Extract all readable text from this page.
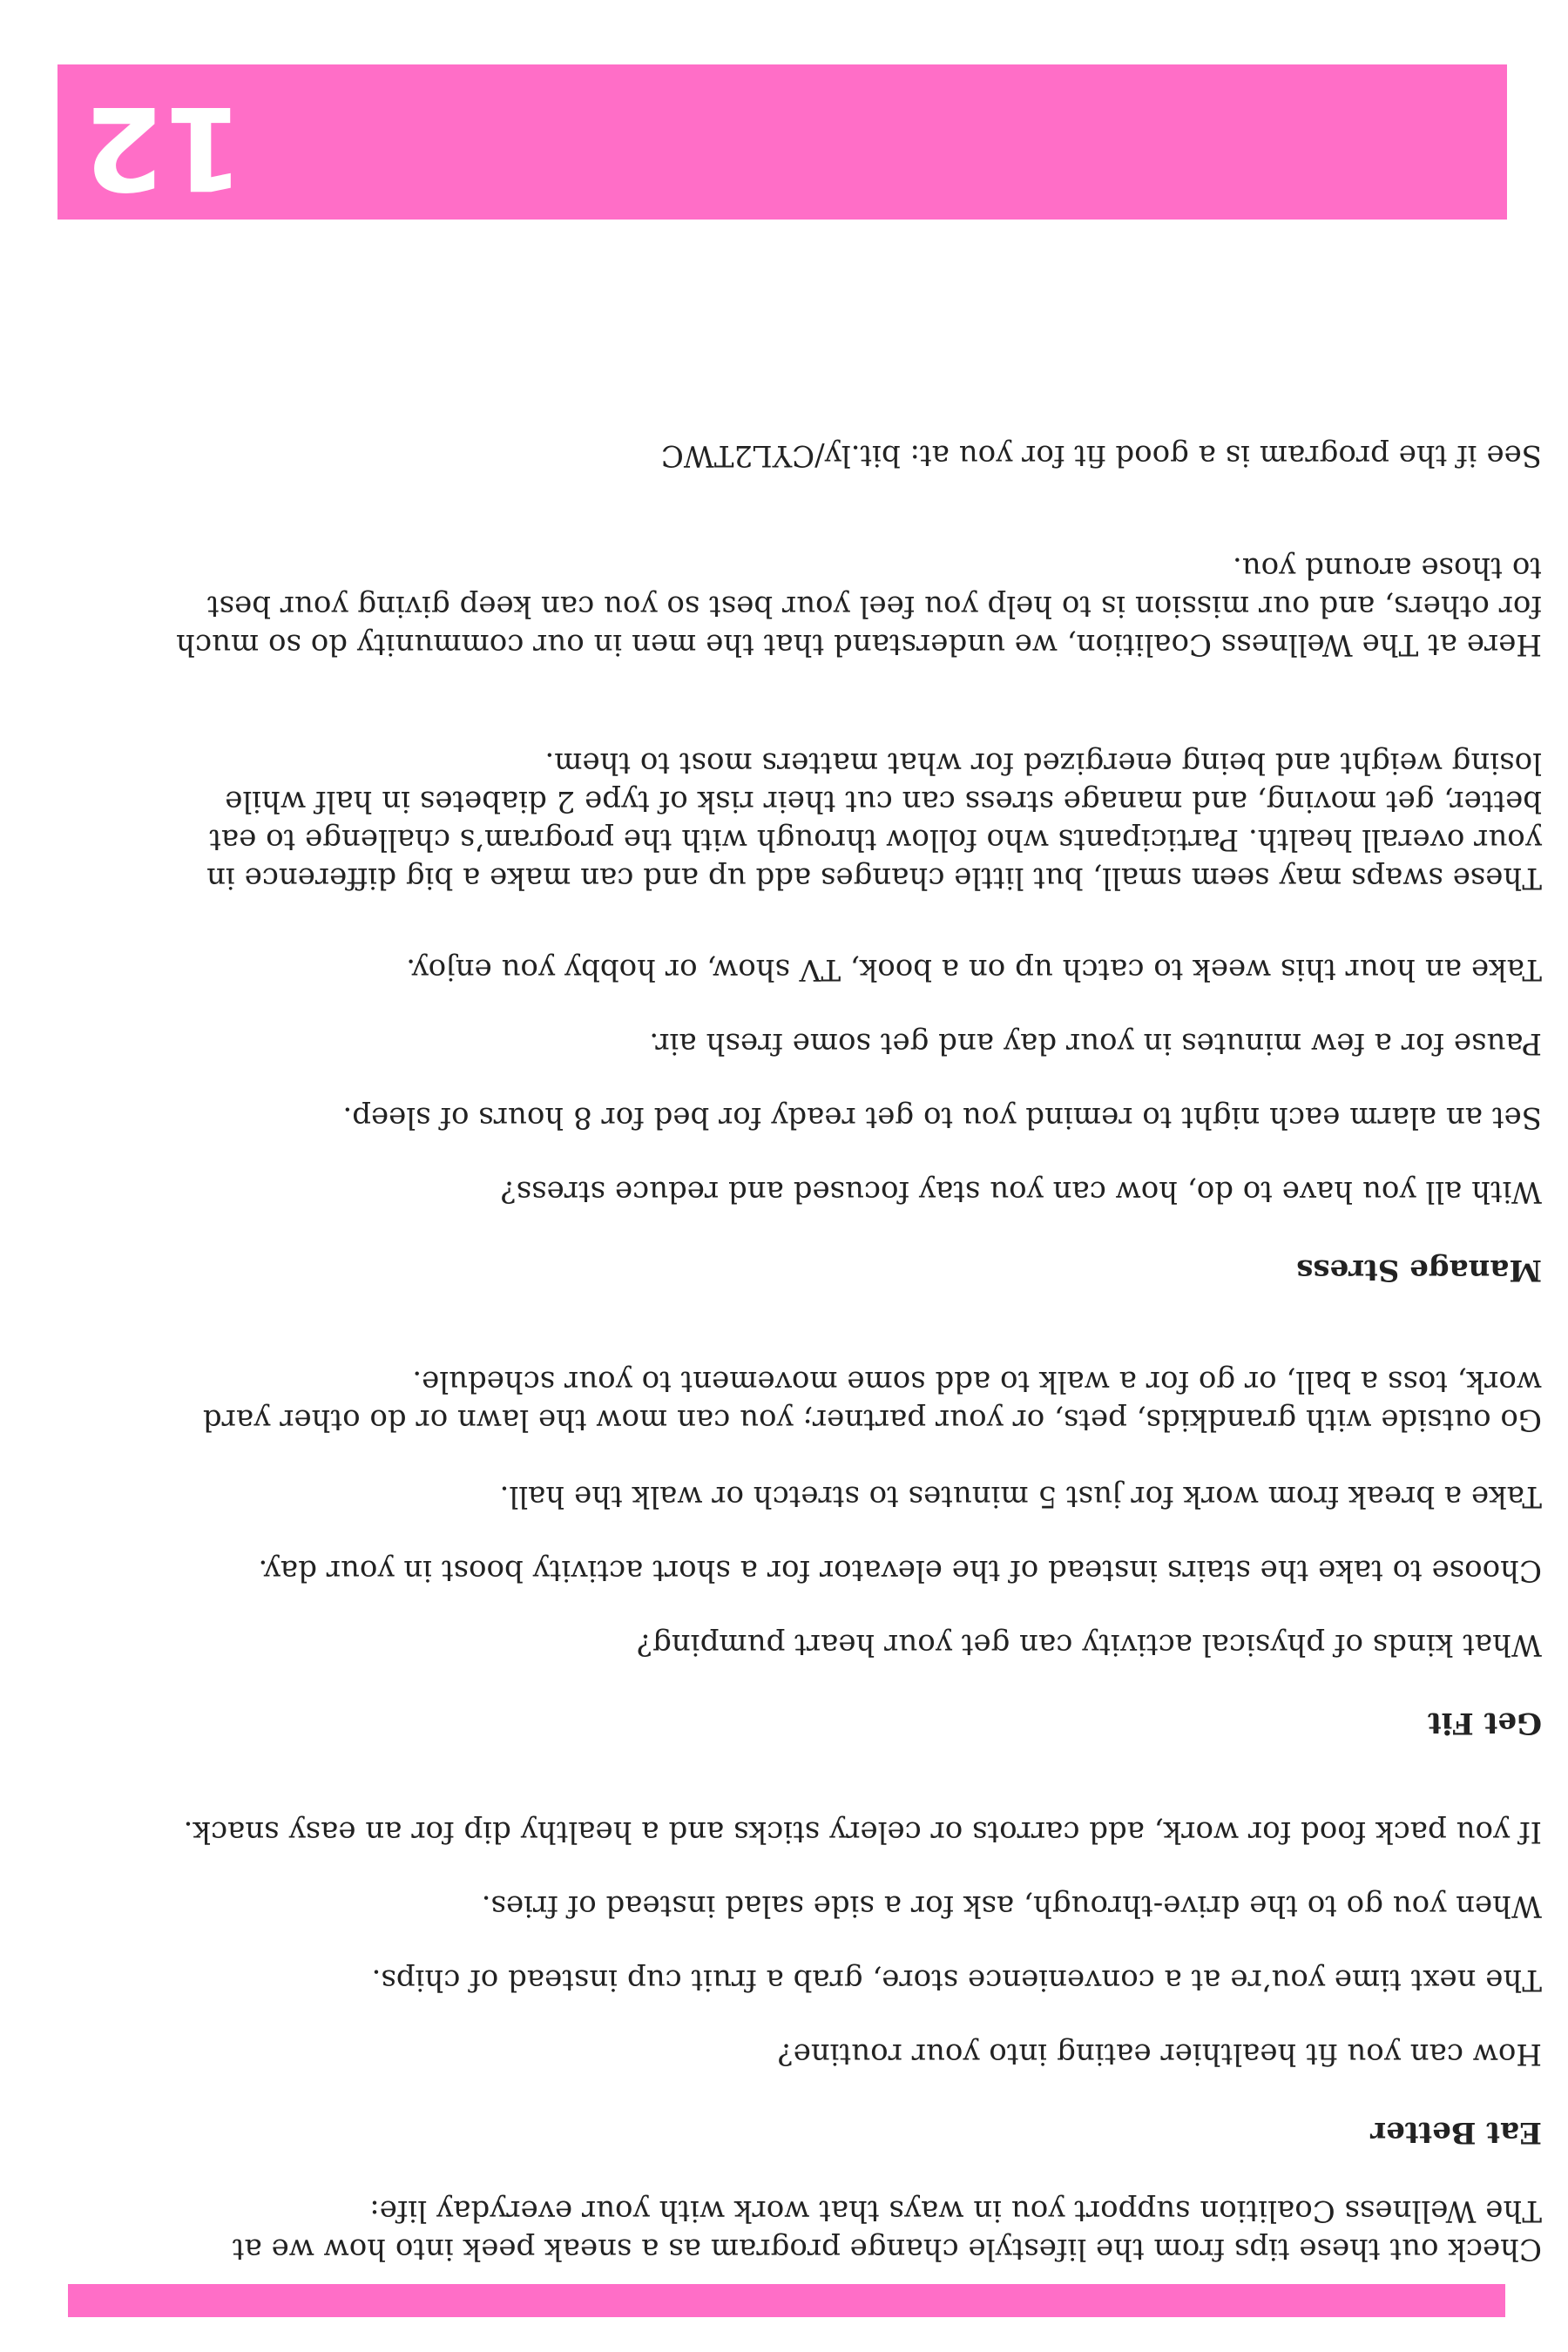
Check out these tips from the lifestyle change program as a sneak peek into how we at
The Wellness Coalition support you in ways that work with your everyday life:
Eat Better
How can you fit healthier eating into your routine?
The next time you’re at a convenience store, grab a fruit cup instead of chips.
When you go to the drive-through, ask for a side salad instead of fries.
If you pack food for work, add carrots or celery sticks and a healthy dip for an easy snack.
Get Fit
What kinds of physical activity can get your heart pumping?
Choose to take the stairs instead of the elevator for a short activity boost in your day.
Take a break from work for just 5 minutes to stretch or walk the hall.
Go outside with grandkids, pets, or your partner; you can mow the lawn or do other yard
work, toss a ball, or go for a walk to add some movement to your schedule.
Manage Stress
With all you have to do, how can you stay focused and reduce stress?
Set an alarm each night to remind you to get ready for bed for 8 hours of sleep.
Pause for a few minutes in your day and get some fresh air.
Take an hour this week to catch up on a book, TV show, or hobby you enjoy.
These swaps may seem small, but little changes add up and can make a big difference in
your overall health. Participants who follow through with the program’s challenge to eat
better, get moving, and manage stress can cut their risk of type 2 diabetes in half while
losing weight and being energized for what matters most to them.
Here at The Wellness Coalition, we understand that the men in our community do so much
for others, and our mission is to help you feel your best so you can keep giving your best
to those around you.
See if the program is a good fit for you at: bit.ly/CYL2TWC
12
